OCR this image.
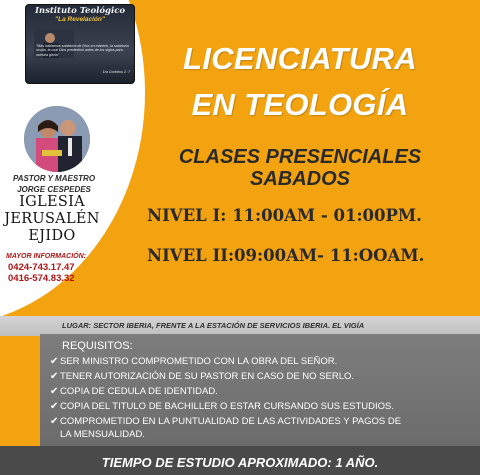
Instituto Teológico
"La Revelación"
"Más hablamos sabiduría de Dios en misterio, la sabiduría oculta, la cual Dios predestinó antes de los siglos para nuestra gloria"
1ra Corintios 2: 7
PASTOR Y MAESTRO
JORGE CESPEDES
IGLESIA
JERUSALÉN
EJIDO
MAYOR INFORMACIÓN:
0424-743.17.47
0416-574.83.32
LICENCIATURA
EN TEOLOGÍA
CLASES PRESENCIALES
SABADOS
NIVEL I: 11:00AM - 01:00PM.
NIVEL II:09:00AM- 11:OOAM.
LUGAR: SECTOR IBERIA, FRENTE A LA ESTACIÓN DE SERVICIOS IBERIA. EL VIGÍA
REQUISITOS:
✔ SER MINISTRO COMPROMETIDO CON LA OBRA DEL SEÑOR.
✔ TENER AUTORIZACIÓN DE SU PASTOR EN CASO DE NO SERLO.
✔ COPIA DE CEDULA DE IDENTIDAD.
✔ COPIA DEL TITULO DE BACHILLER O ESTAR CURSANDO SUS ESTUDIOS.
✔ COMPROMETIDO EN LA PUNTUALIDAD DE LAS ACTIVIDADES Y PAGOS DE
LA MENSUALIDAD.
TIEMPO DE ESTUDIO APROXIMADO: 1 AÑO.
